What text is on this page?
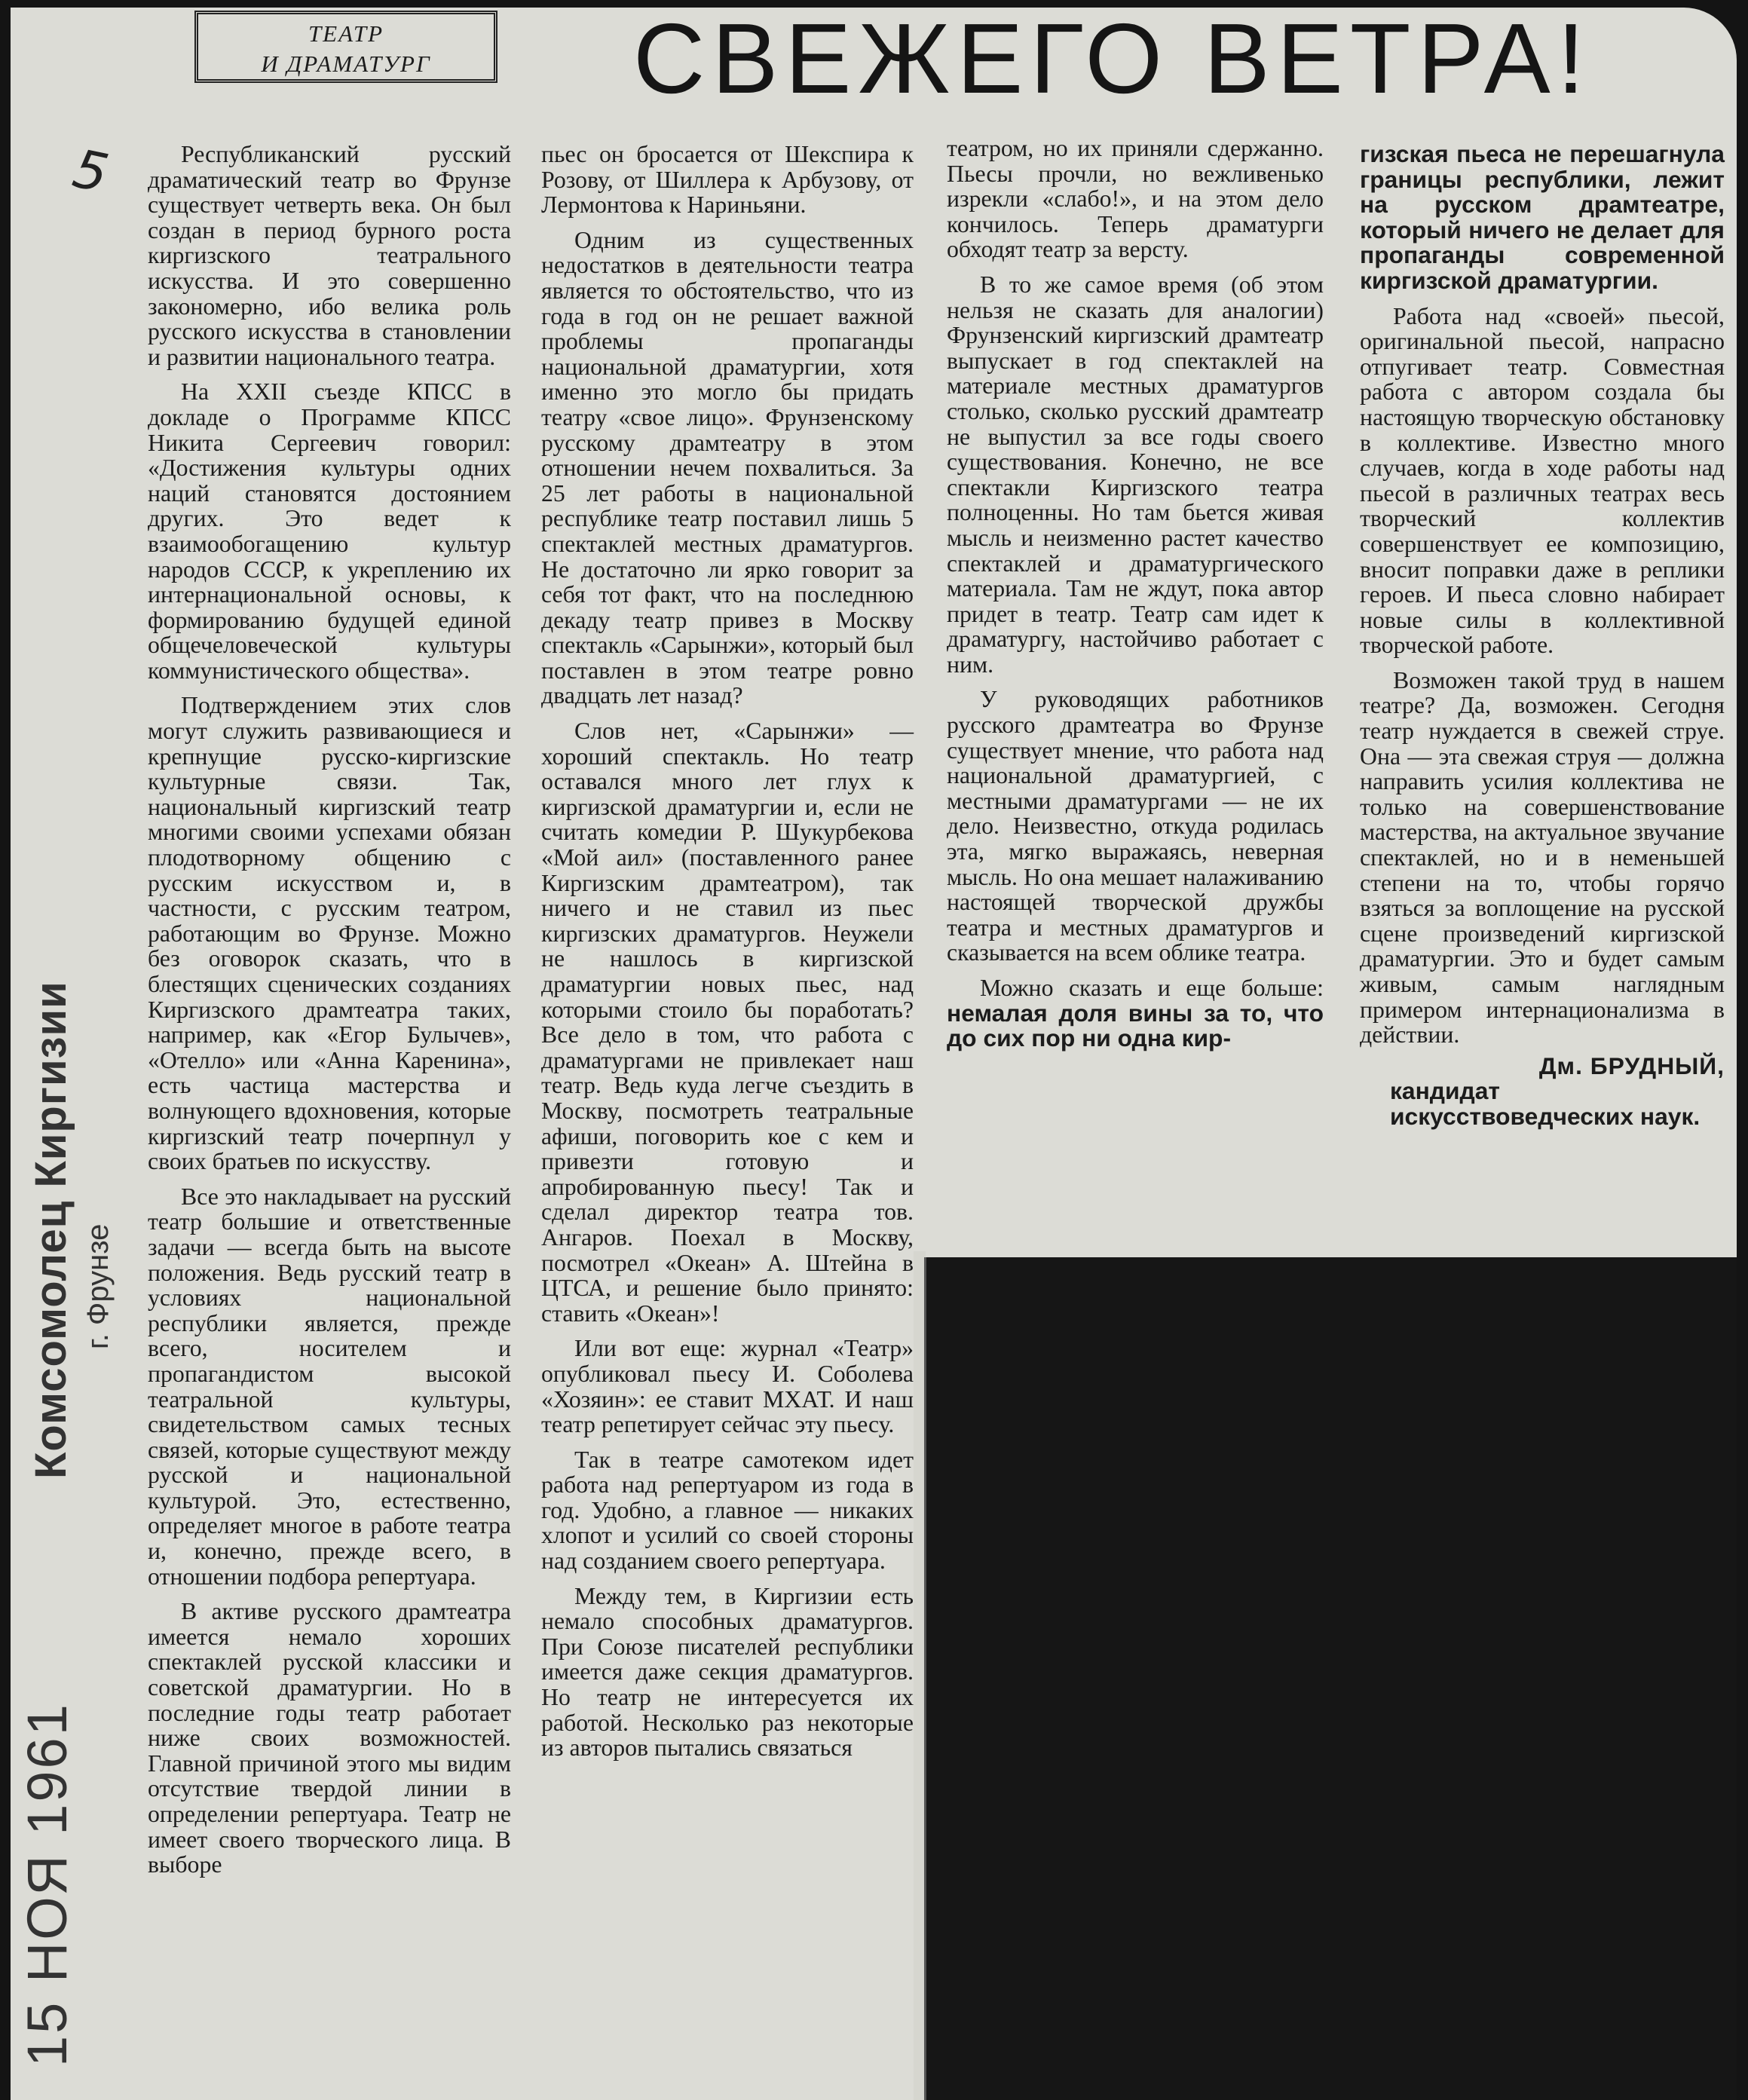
ТЕАТР
И ДРАМАТУРГ	СВЕЖЕГО ВЕТРА!
5
Комсомолец Киргизии г. Фрунзе
15 НОЯ 1961

Республиканский русский драматический театр во Фрунзе существует четверть века. Он был создан в период бурного роста киргизского театрального искусства. И это совершенно закономерно, ибо велика роль русского искусства в становлении и развитии национального театра.

На XXII съезде КПСС в докладе о Программе КПСС Никита Сергеевич говорил: «Достижения культуры одних наций становятся достоянием других. Это ведет к взаимообогащению культур народов СССР, к укреплению их интернациональной основы, к формированию будущей единой общечеловеческой культуры коммунистического общества».

Подтверждением этих слов могут служить развивающиеся и крепнущие русско-киргизские культурные связи. Так, национальный киргизский театр многими своими успехами обязан плодотворному общению с русским искусством и, в частности, с русским театром, работающим во Фрунзе. Можно без оговорок сказать, что в блестящих сценических созданиях Киргизского драмтеатра таких, например, как «Егор Булычев», «Отелло» или «Анна Каренина», есть частица мастерства и волнующего вдохновения, которые киргизский театр почерпнул у своих братьев по искусству.

Все это накладывает на русский театр большие и ответственные задачи — всегда быть на высоте положения. Ведь русский театр в условиях национальной республики является, прежде всего, носителем и пропагандистом высокой театральной культуры, свидетельством самых тесных связей, которые существуют между русской и национальной культурой. Это, естественно, определяет многое в работе театра и, конечно, прежде всего, в отношении подбора репертуара.

В активе русского драмтеатра имеется немало хороших спектаклей русской классики и советской драматургии. Но в последние годы театр работает ниже своих возможностей. Главной причиной этого мы видим отсутствие твердой линии в определении репертуара. Театр не имеет своего творческого лица. В выборе

пьес он бросается от Шекспира к Розову, от Шиллера к Арбузову, от Лермонтова к Нариньяни.

Одним из существенных недостатков в деятельности театра является то обстоятельство, что из года в год он не решает важной проблемы пропаганды национальной драматургии, хотя именно это могло бы придать театру «свое лицо». Фрунзенскому русскому драмтеатру в этом отношении нечем похвалиться. За 25 лет работы в национальной республике театр поставил лишь 5 спектаклей местных драматургов. Не достаточно ли ярко говорит за себя тот факт, что на последнюю декаду театр привез в Москву спектакль «Сарынжи», который был поставлен в этом театре ровно двадцать лет назад?

Слов нет, «Сарынжи» — хороший спектакль. Но театр оставался много лет глух к киргизской драматургии и, если не считать комедии Р. Шукурбекова «Мой аил» (поставленного ранее Киргизским драмтеатром), так ничего и не ставил из пьес киргизских драматургов. Неужели не нашлось в киргизской драматургии новых пьес, над которыми стоило бы поработать? Все дело в том, что работа с драматургами не привлекает наш театр. Ведь куда легче съездить в Москву, посмотреть театральные афиши, поговорить кое с кем и привезти готовую и апробированную пьесу! Так и сделал директор театра тов. Ангаров. Поехал в Москву, посмотрел «Океан» А. Штейна в ЦТСА, и решение было принято: ставить «Океан»!

Или вот еще: журнал «Театр» опубликовал пьесу И. Соболева «Хозяин»: ее ставит МХАТ. И наш театр репетирует сейчас эту пьесу.

Так в театре самотеком идет работа над репертуаром из года в год. Удобно, а главное — никаких хлопот и усилий со своей стороны над созданием своего репертуара.

Между тем, в Киргизии есть немало способных драматургов. При Союзе писателей республики имеется даже секция драматургов. Но театр не интересуется их работой. Несколько раз некоторые из авторов пытались связаться

театром, но их приняли сдержанно. Пьесы прочли, но вежливенько изрекли «слабо!», и на этом дело кончилось. Теперь драматурги обходят театр за версту.

В то же самое время (об этом нельзя не сказать для аналогии) Фрунзенский киргизский драмтеатр выпускает в год спектаклей на материале местных драматургов столько, сколько русский драмтеатр не выпустил за все годы своего существования. Конечно, не все спектакли Киргизского театра полноценны. Но там бьется живая мысль и неизменно растет качество спектаклей и драматургического материала. Там не ждут, пока автор придет в театр. Театр сам идет к драматургу, настойчиво работает с ним.

У руководящих работников русского драмтеатра во Фрунзе существует мнение, что работа над национальной драматургией, с местными драматургами — не их дело. Неизвестно, откуда родилась эта, мягко выражаясь, неверная мысль. Но она мешает налаживанию настоящей творческой дружбы театра и местных драматургов и сказывается на всем облике театра.

Можно сказать и еще больше: немалая доля вины за то, что до сих пор ни одна кир-

гизская пьеса не перешагнула границы республики, лежит на русском драмтеатре, который ничего не делает для пропаганды современной киргизской драматургии.

Работа над «своей» пьесой, оригинальной пьесой, напрасно отпугивает театр. Совместная работа с автором создала бы настоящую творческую обстановку в коллективе. Известно много случаев, когда в ходе работы над пьесой в различных театрах весь творческий коллектив совершенствует ее композицию, вносит поправки даже в реплики героев. И пьеса словно набирает новые силы в коллективной творческой работе.

Возможен такой труд в нашем театре? Да, возможен. Сегодня театр нуждается в свежей струе. Она — эта свежая струя — должна направить усилия коллектива не только на совершенствование мастерства, на актуальное звучание спектаклей, но и в неменьшей степени на то, чтобы горячо взяться за воплощение на русской сцене произведений киргизской драматургии. Это и будет самым живым, самым наглядным примером интернационализма в действии.

Дм. БРУДНЫЙ,
кандидат искусствоведческих наук.
